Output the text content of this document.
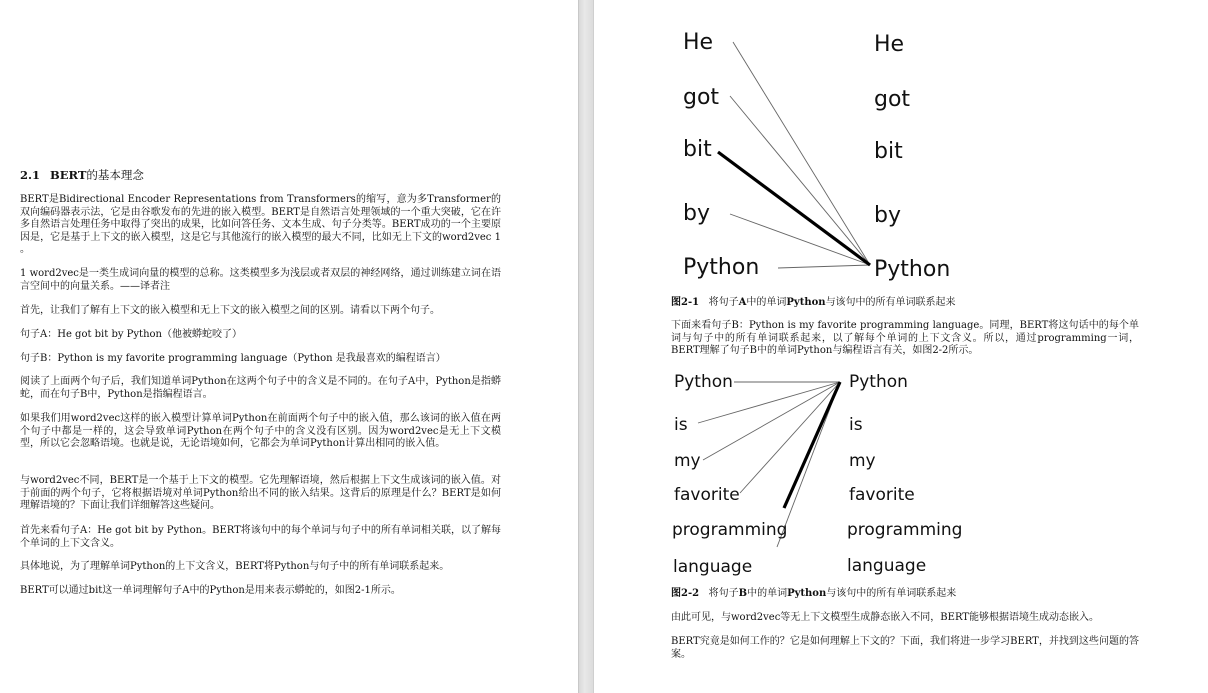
2.1 BERT的基本理念

BERT是Bidirectional Encoder Representations from Transformers的缩写，意为多Transformer的双向编码器表示法，它是由谷歌发布的先进的嵌入模型。BERT是自然语言处理领域的一个重大突破，它在许多自然语言处理任务中取得了突出的成果，比如问答任务、文本生成、句子分类等。BERT成功的一个主要原因是，它是基于上下文的嵌入模型，这是它与其他流行的嵌入模型的最大不同，比如无上下文的word2vec 1 。

1 word2vec是一类生成词向量的模型的总称。这类模型多为浅层或者双层的神经网络，通过训练建立词在语言空间中的向量关系。——译者注

首先，让我们了解有上下文的嵌入模型和无上下文的嵌入模型之间的区别。请看以下两个句子。

句子A：He got bit by Python（他被蟒蛇咬了）

句子B：Python is my favorite programming language（Python 是我最喜欢的编程语言）

阅读了上面两个句子后，我们知道单词Python在这两个句子中的含义是不同的。在句子A中，Python是指蟒蛇，而在句子B中，Python是指编程语言。

如果我们用word2vec这样的嵌入模型计算单词Python在前面两个句子中的嵌入值，那么该词的嵌入值在两个句子中都是一样的，这会导致单词Python在两个句子中的含义没有区别。因为word2vec是无上下文模型，所以它会忽略语境。也就是说，无论语境如何，它都会为单词Python计算出相同的嵌入值。

与word2vec不同，BERT是一个基于上下文的模型。它先理解语境，然后根据上下文生成该词的嵌入值。对于前面的两个句子，它将根据语境对单词Python给出不同的嵌入结果。这背后的原理是什么？BERT是如何理解语境的？下面让我们详细解答这些疑问。

首先来看句子A：He got bit by Python。BERT将该句中的每个单词与句子中的所有单词相关联，以了解每个单词的上下文含义。

具体地说，为了理解单词Python的上下文含义，BERT将Python与句子中的所有单词联系起来。

BERT可以通过bit这一单词理解句子A中的Python是用来表示蟒蛇的，如图2-1所示。

He
got
bit
by
Python
He
got
bit
by
Python
图2-1 将句子A中的单词Python与该句中的所有单词联系起来

下面来看句子B：Python is my favorite programming language。同理，BERT将这句话中的每个单词与句子中的所有单词联系起来，以了解每个单词的上下文含义。所以，通过programming一词，BERT理解了句子B中的单词Python与编程语言有关，如图2-2所示。

Python
is
my
favorite
programming
language
Python
is
my
favorite
programming
language
图2-2 将句子B中的单词Python与该句中的所有单词联系起来

由此可见，与word2vec等无上下文模型生成静态嵌入不同，BERT能够根据语境生成动态嵌入。

BERT究竟是如何工作的？它是如何理解上下文的？下面，我们将进一步学习BERT，并找到这些问题的答案。
